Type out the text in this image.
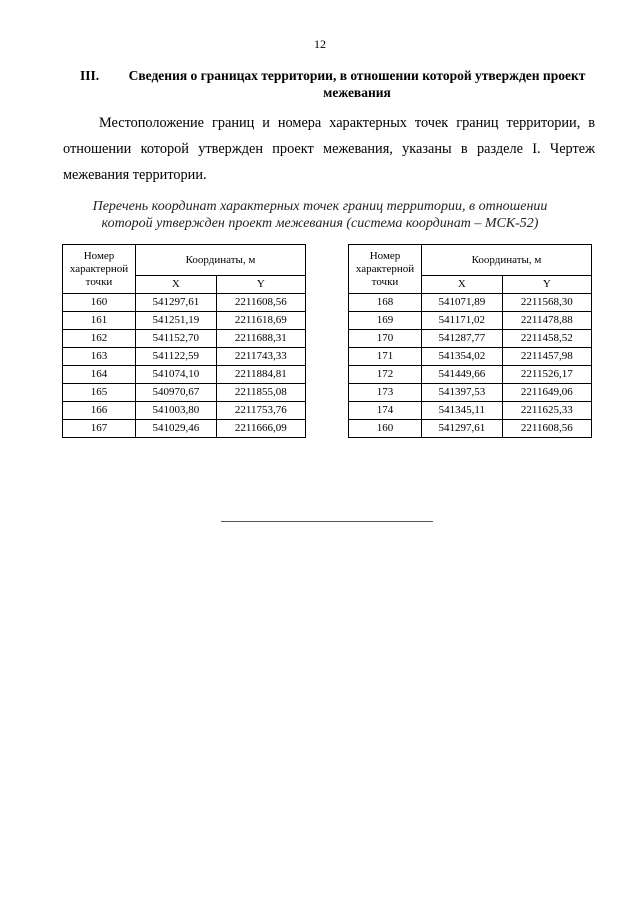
12
III.	Сведения о границах территории, в отношении которой утвержден проект межевания
Местоположение границ и номера характерных точек границ территории, в отношении которой утвержден проект межевания, указаны в разделе I. Чертеж межевания территории.
Перечень координат характерных точек границ территории, в отношении которой утвержден проект межевания (система координат – МСК-52)
Номер характерной точки	Координаты, м	
	X	Y
160	541297,61	2211608,56
161	541251,19	2211618,69
162	541152,70	2211688,31
163	541122,59	2211743,33
164	541074,10	2211884,81
165	540970,67	2211855,08
166	541003,80	2211753,76
167	541029,46	2211666,09
Номер характерной точки	Координаты, м	
	X	Y
168	541071,89	2211568,30
169	541171,02	2211478,88
170	541287,77	2211458,52
171	541354,02	2211457,98
172	541449,66	2211526,17
173	541397,53	2211649,06
174	541345,11	2211625,33
160	541297,61	2211608,56
